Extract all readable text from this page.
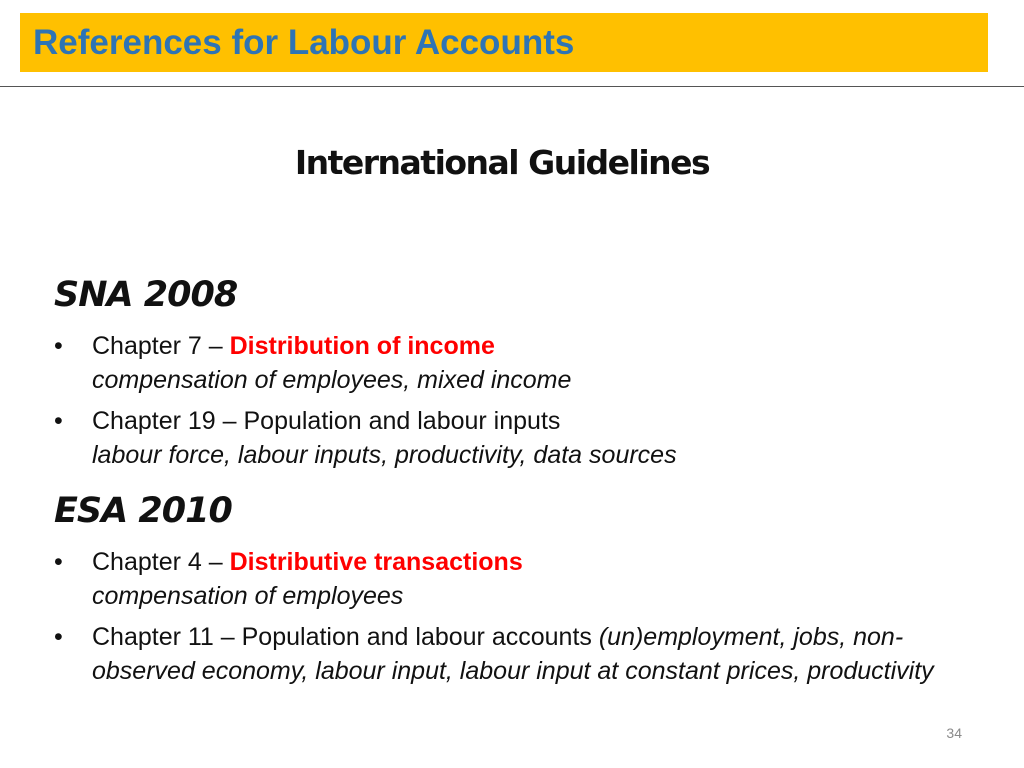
References for Labour Accounts
International Guidelines
SNA 2008
•	Chapter 7 – Distribution of income
compensation of employees, mixed income
•	Chapter 19 – Population and labour inputs
labour force, labour inputs, productivity, data sources
ESA 2010
•	Chapter 4 – Distributive transactions
compensation of employees
•	Chapter 11 – Population and labour accounts (un)employment, jobs, non-observed economy, labour input, labour input at constant prices, productivity
34
